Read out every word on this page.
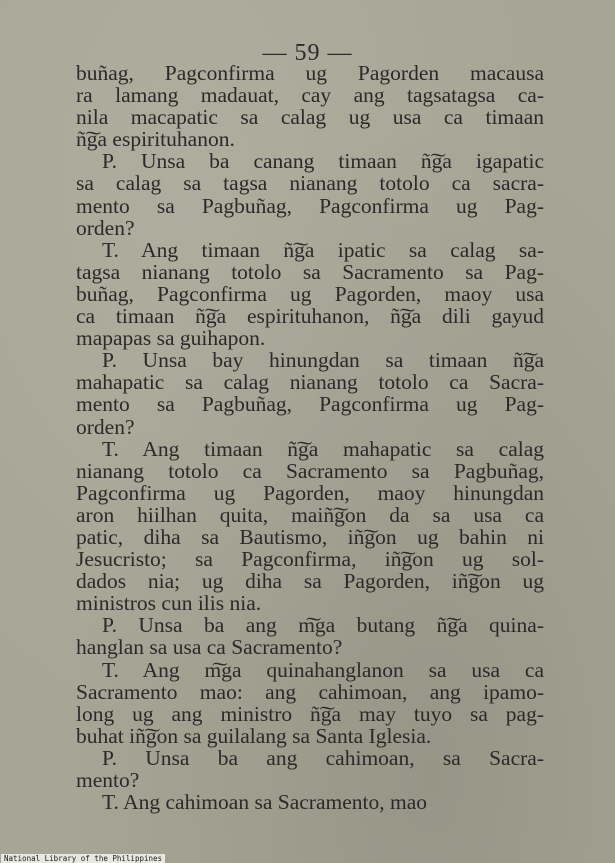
— 59 —
buñag, Pagconfirma ug Pagorden macausa
ra lamang madauat, cay ang tagsatagsa ca-
nila macapatic sa calag ug usa ca timaan
ñ͠ga espirituhanon.
P. Unsa ba canang timaan ñ͠ga igapatic
sa calag sa tagsa nianang totolo ca sacra-
mento sa Pagbuñag, Pagconfirma ug Pag-
orden?
T. Ang timaan ñ͠ga ipatic sa calag sa-
tagsa nianang totolo sa Sacramento sa Pag-
buñag, Pagconfirma ug Pagorden, maoy usa
ca timaan ñ͠ga espirituhanon, ñ͠ga dili gayud
mapapas sa guihapon.
P. Unsa bay hinungdan sa timaan ñ͠ga
mahapatic sa calag nianang totolo ca Sacra-
mento sa Pagbuñag, Pagconfirma ug Pag-
orden?
T. Ang timaan ñ͠ga mahapatic sa calag
nianang totolo ca Sacramento sa Pagbuñag,
Pagconfirma ug Pagorden, maoy hinungdan
aron hiilhan quita, maiñ͠gon da sa usa ca
patic, diha sa Bautismo, iñ͠gon ug bahin ni
Jesucristo; sa Pagconfirma, iñ͠gon ug sol-
dados nia; ug diha sa Pagorden, iñ͠gon ug
ministros cun ilis nia.
P. Unsa ba ang m͠ga butang ñ͠ga quina-
hanglan sa usa ca Sacramento?
T. Ang m͠ga quinahanglanon sa usa ca
Sacramento mao: ang cahimoan, ang ipamo-
long ug ang ministro ñ͠ga may tuyo sa pag-
buhat iñ͠gon sa guilalang sa Santa Iglesia.
P. Unsa ba ang cahimoan, sa Sacra-
mento?
T. Ang cahimoan sa Sacramento, mao
National Library of the Philippines
